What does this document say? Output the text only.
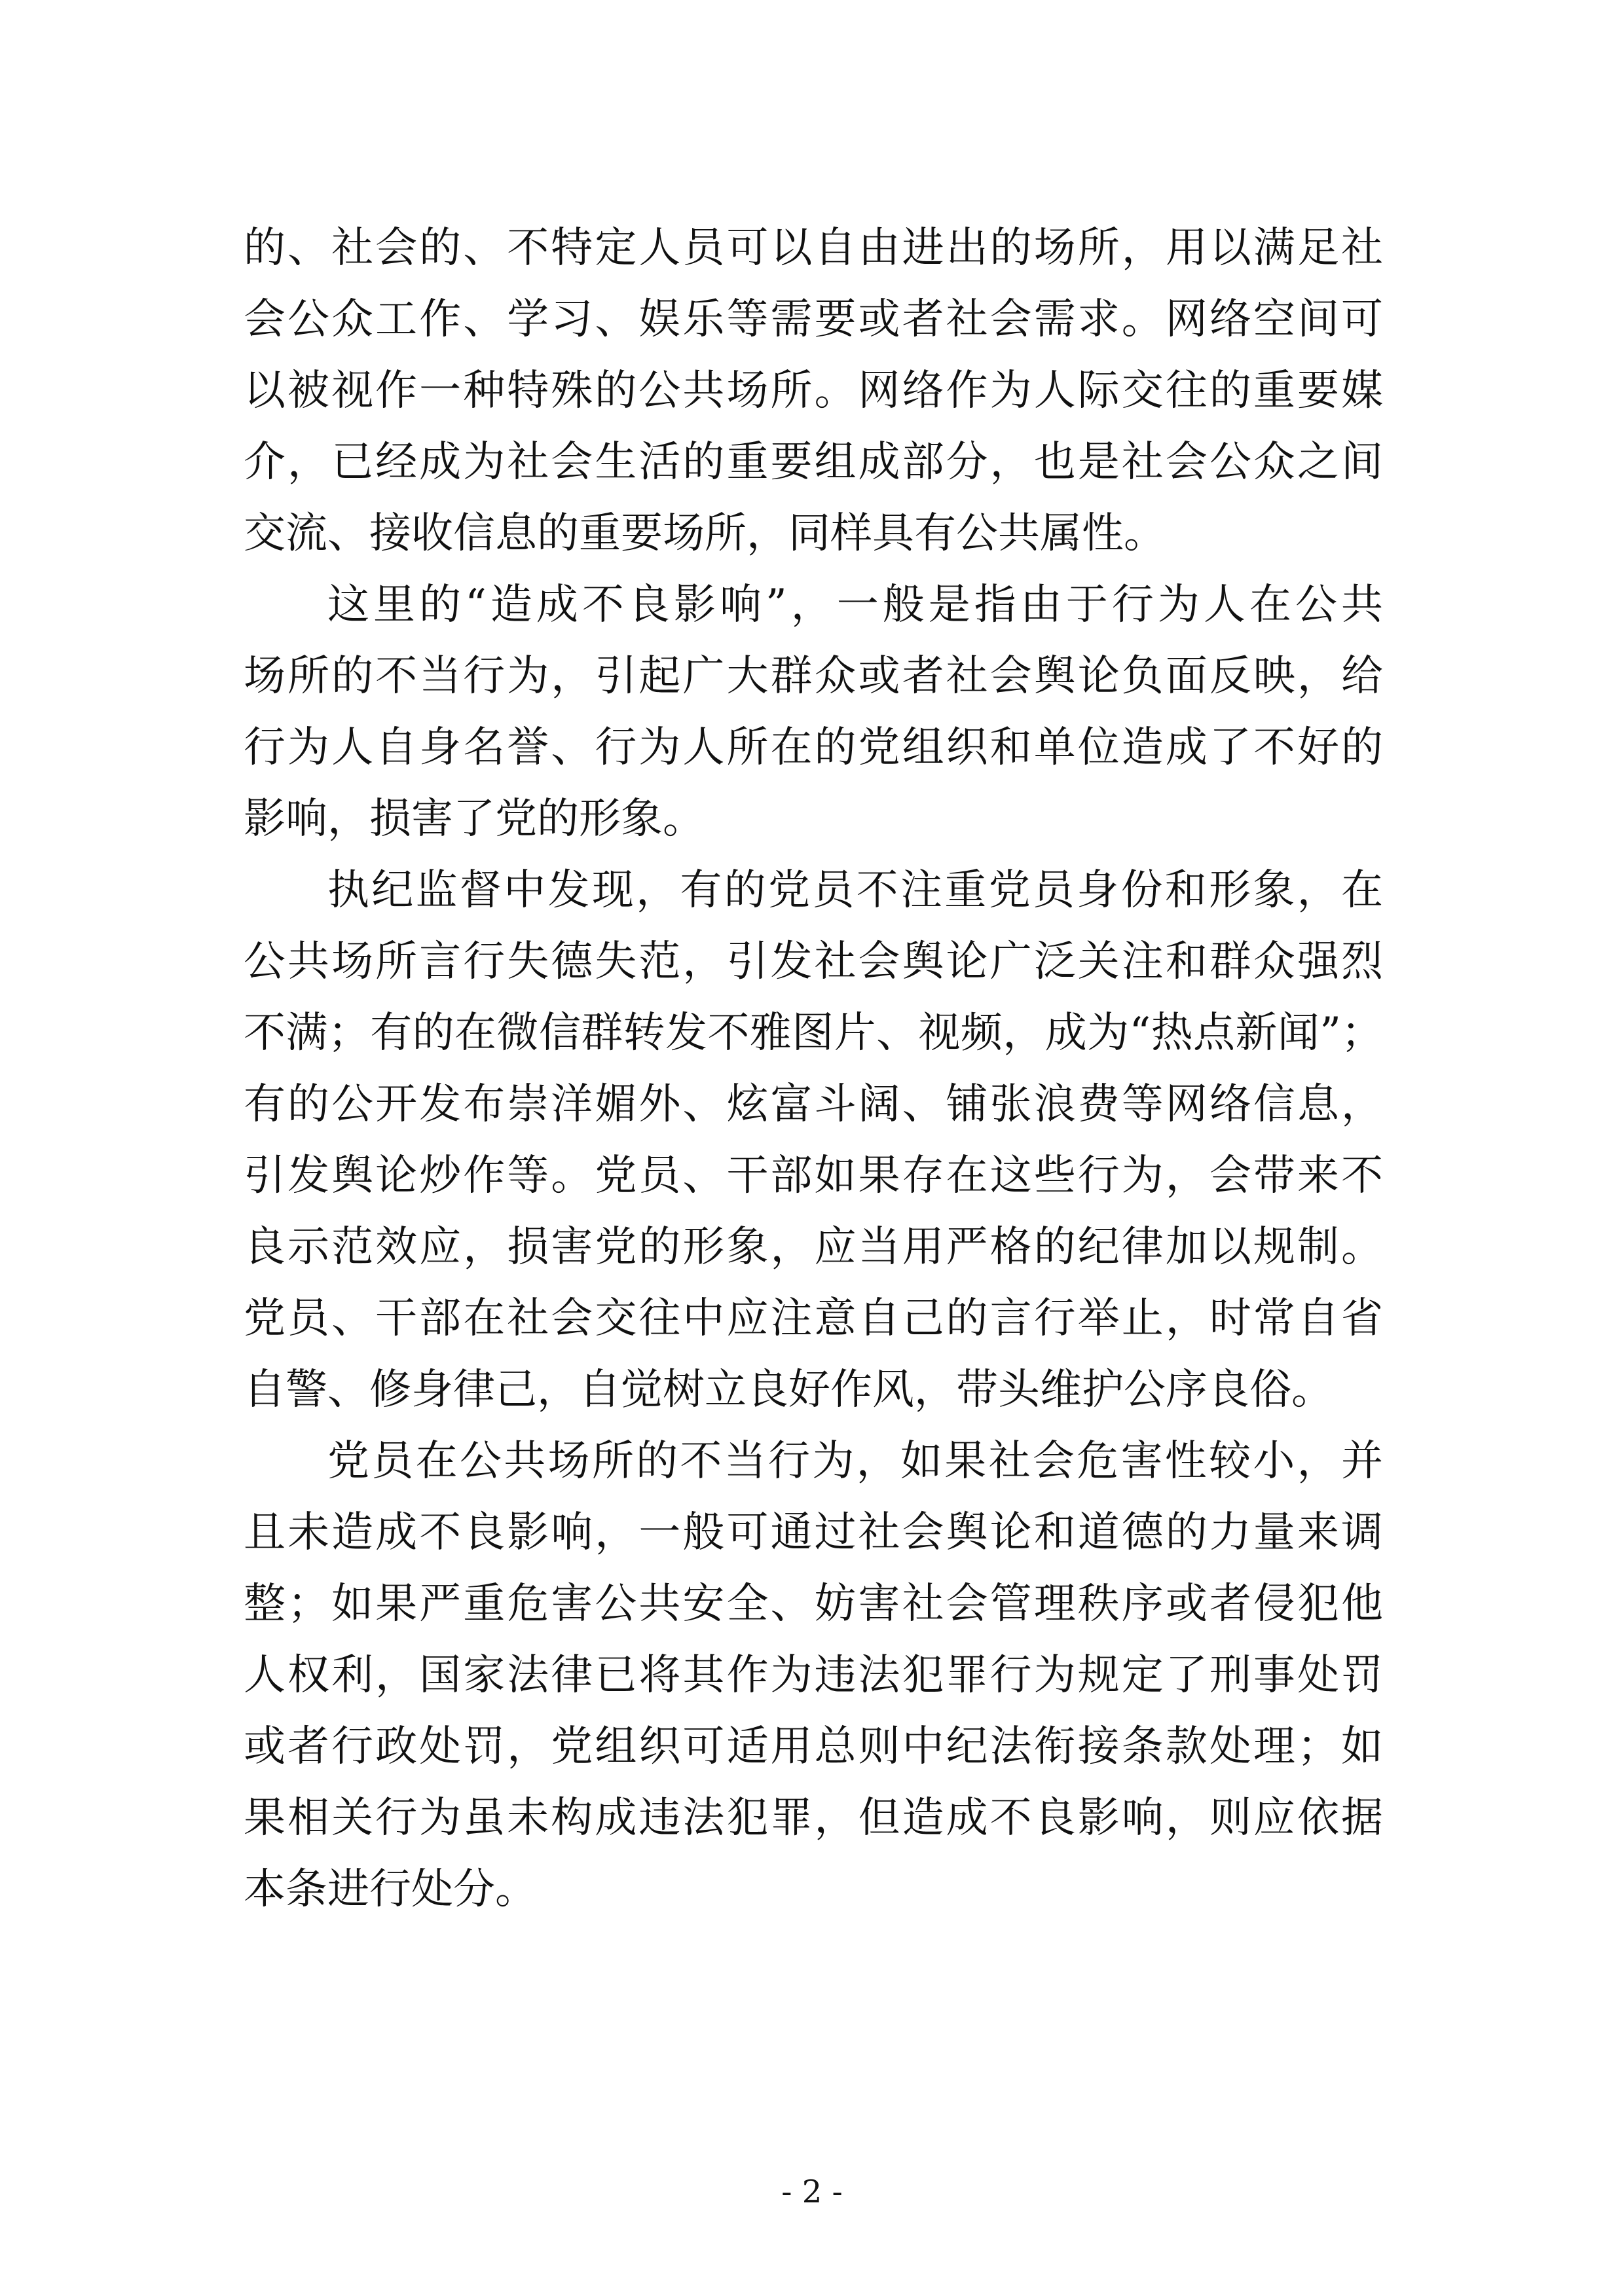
的、社会的、不特定人员可以自由进出的场所，用以满足社
会公众工作、学习、娱乐等需要或者社会需求。网络空间可
以被视作一种特殊的公共场所。网络作为人际交往的重要媒
介，已经成为社会生活的重要组成部分，也是社会公众之间
交流、接收信息的重要场所，同样具有公共属性。
这里的“造成不良影响”，一般是指由于行为人在公共
场所的不当行为，引起广大群众或者社会舆论负面反映，给
行为人自身名誉、行为人所在的党组织和单位造成了不好的
影响，损害了党的形象。
执纪监督中发现，有的党员不注重党员身份和形象，在
公共场所言行失德失范，引发社会舆论广泛关注和群众强烈
不满；有的在微信群转发不雅图片、视频，成为“热点新闻”；
有的公开发布崇洋媚外、炫富斗阔、铺张浪费等网络信息，
引发舆论炒作等。党员、干部如果存在这些行为，会带来不
良示范效应，损害党的形象，应当用严格的纪律加以规制。
党员、干部在社会交往中应注意自己的言行举止，时常自省
自警、修身律己，自觉树立良好作风，带头维护公序良俗。
党员在公共场所的不当行为，如果社会危害性较小，并
且未造成不良影响，一般可通过社会舆论和道德的力量来调
整；如果严重危害公共安全、妨害社会管理秩序或者侵犯他
人权利，国家法律已将其作为违法犯罪行为规定了刑事处罚
或者行政处罚，党组织可适用总则中纪法衔接条款处理；如
果相关行为虽未构成违法犯罪，但造成不良影响，则应依据
本条进行处分。
- 2 -
